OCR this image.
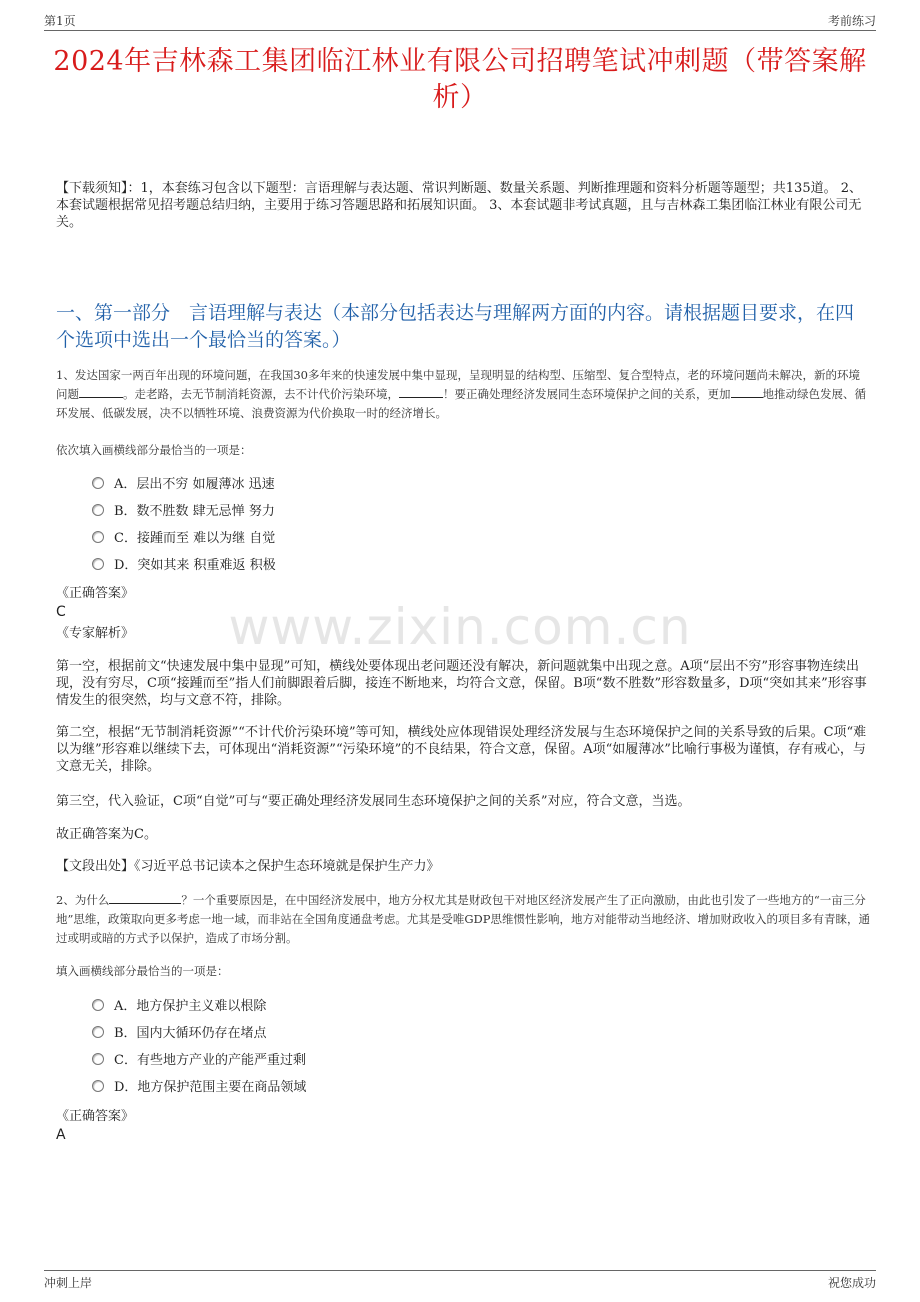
第1页	考前练习
2024年吉林森工集团临江林业有限公司招聘笔试冲刺题（带答案解析）
【下载须知】：1，本套练习包含以下题型：言语理解与表达题、常识判断题、数量关系题、判断推理题和资料分析题等题型；共135道。 2、本套试题根据常见招考题总结归纳，主要用于练习答题思路和拓展知识面。 3、本套试题非考试真题，且与吉林森工集团临江林业有限公司无关。
一、第一部分　言语理解与表达（本部分包括表达与理解两方面的内容。请根据题目要求，在四个选项中选出一个最恰当的答案。）
1、发达国家一两百年出现的环境问题，在我国30多年来的快速发展中集中显现，呈现明显的结构型、压缩型、复合型特点，老的环境问题尚未解决，新的环境问题	。走老路，去无节制消耗资源，去不计代价污染环境，	！要正确处理经济发展同生态环境保护之间的关系，更加	地推动绿色发展、循环发展、低碳发展，决不以牺牲环境、浪费资源为代价换取一时的经济增长。
依次填入画横线部分最恰当的一项是：
A．层出不穷 如履薄冰 迅速
B．数不胜数 肆无忌惮 努力
C．接踵而至 难以为继 自觉
D．突如其来 积重难返 积极
《正确答案》
C
《专家解析》	www.zixin.com.cn
第一空，根据前文“快速发展中集中显现”可知，横线处要体现出老问题还没有解决，新问题就集中出现之意。A项“层出不穷”形容事物连续出现，没有穷尽，C项“接踵而至”指人们前脚跟着后脚，接连不断地来，均符合文意，保留。B项“数不胜数”形容数量多，D项“突如其来”形容事情发生的很突然，均与文意不符，排除。
第二空，根据“无节制消耗资源”“不计代价污染环境”等可知，横线处应体现错误处理经济发展与生态环境保护之间的关系导致的后果。C项“难以为继”形容难以继续下去，可体现出“消耗资源”“污染环境”的不良结果，符合文意，保留。A项“如履薄冰”比喻行事极为谨慎，存有戒心，与文意无关，排除。
第三空，代入验证，C项“自觉”可与“要正确处理经济发展同生态环境保护之间的关系”对应，符合文意，当选。
故正确答案为C。
【文段出处】《习近平总书记读本之保护生态环境就是保护生产力》
2、为什么	？一个重要原因是，在中国经济发展中，地方分权尤其是财政包干对地区经济发展产生了正向激励，由此也引发了一些地方的“一亩三分地”思维，政策取向更多考虑一地一域，而非站在全国角度通盘考虑。尤其是受唯GDP思维惯性影响，地方对能带动当地经济、增加财政收入的项目多有青睐，通过或明或暗的方式予以保护，造成了市场分割。
填入画横线部分最恰当的一项是：
A．地方保护主义难以根除
B．国内大循环仍存在堵点
C．有些地方产业的产能严重过剩
D．地方保护范围主要在商品领域
《正确答案》
A
冲刺上岸	祝您成功
